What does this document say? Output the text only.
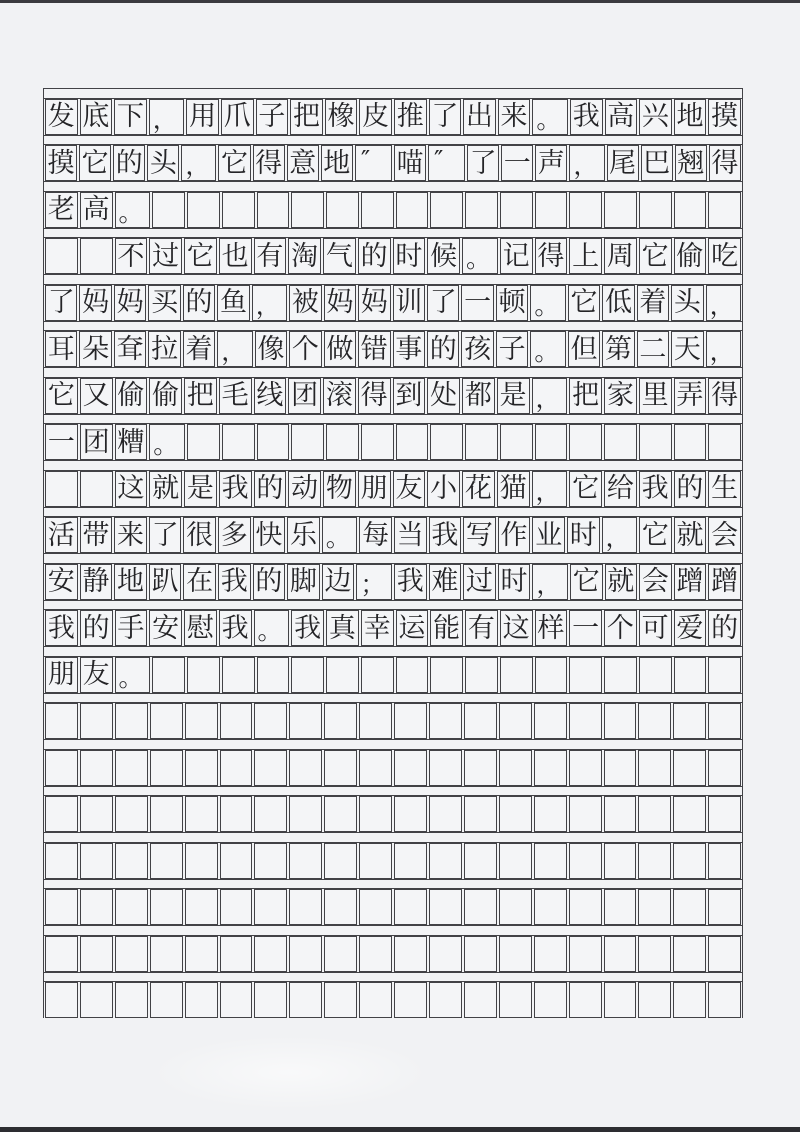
发 底 下 ， 用 爪 子 把 橡 皮 推 了 出 来 。 我 高 兴 地 摸
摸 它 的 头 ， 它 得 意 地 ″ 喵 ″ 了 一 声 ， 尾 巴 翘 得
老 高 。
不 过 它 也 有 淘 气 的 时 候 。 记 得 上 周 它 偷 吃
了 妈 妈 买 的 鱼 ， 被 妈 妈 训 了 一 顿 。 它 低 着 头 ，
耳 朵 耷 拉 着 ， 像 个 做 错 事 的 孩 子 。 但 第 二 天 ，
它 又 偷 偷 把 毛 线 团 滚 得 到 处 都 是 ， 把 家 里 弄 得
一 团 糟 。
这 就 是 我 的 动 物 朋 友 小 花 猫 ， 它 给 我 的 生
活 带 来 了 很 多 快 乐 。 每 当 我 写 作 业 时 ， 它 就 会
安 静 地 趴 在 我 的 脚 边 ； 我 难 过 时 ， 它 就 会 蹭 蹭
我 的 手 安 慰 我 。 我 真 幸 运 能 有 这 样 一 个 可 爱 的
朋 友 。
